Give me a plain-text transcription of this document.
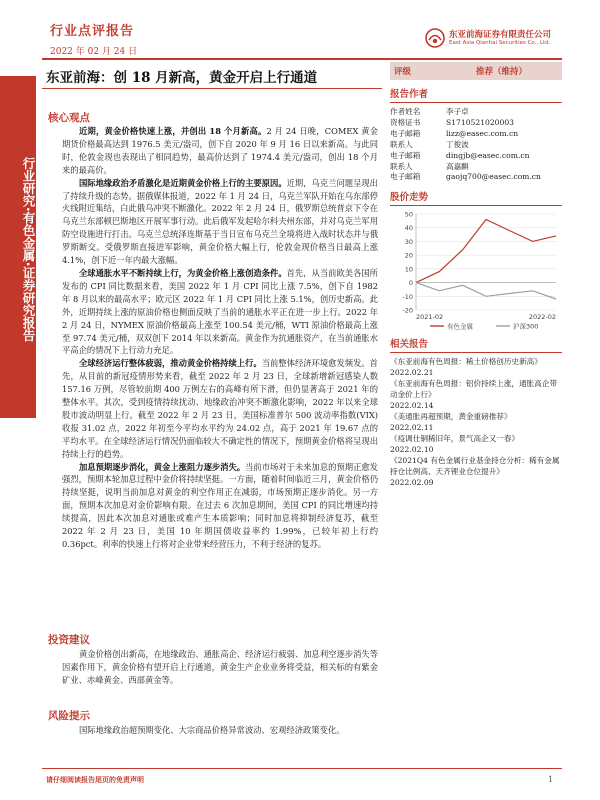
行业点评报告
2022 年 02 月 24 日
东亚前海证券有限责任公司
East Asia Qianhai Securities Co., Ltd.
行业研究·有色金属·证券研究报告
东亚前海：创 18 月新高，黄金开启上行通道
核心观点

近期，黄金价格快速上涨，并创出 18 个月新高。2 月 24 日晚，COMEX 黄金期货价格最高达到 1976.5 美元/盎司，创下自 2020 年 9 月 16 日以来新高。与此同时，伦敦金现也表现出了相同趋势，最高价达到了 1974.4 美元/盎司，创出 18 个月来的最高价。

国际地缘政治矛盾激化是近期黄金价格上行的主要原因。近期，乌克兰问题呈现出了持续升级的态势。据俄媒体报道，2022 年 1 月 24 日，乌克兰军队开始在乌东部停火线附近集结，白此俄乌冲突不断激化。2022 年 2 月 24 日，俄罗斯总统普京下令在乌克兰东部顿巴斯地区开展军事行动。此后俄军发起哈尔科夫州东部，并对乌克兰军用防空设施进行打击。乌克兰总统泽连斯基于当日宣布乌克兰全境将进入战时状态并与俄罗斯断交。受俄罗斯直接进军影响，黄金价格大幅上行，伦敦金现价格当日最高上涨 4.1%，创下近一年内最大涨幅。

全球通胀水平不断持续上行，为黄金价格上涨创造条件。首先，从当前欧美各国所发布的 CPI 同比数据来看，美国 2022 年 1 月 CPI 同比上涨 7.5%，创下自 1982 年 8 月以来的最高水平；欧元区 2022 年 1 月 CPI 同比上涨 5.1%，创历史新高。此外，近期持续上涨的原油价格也侧面反映了当前的通胀水平正在进一步上行。2022 年 2 月 24 日，NYMEX 原油价格最高上涨至 100.54 美元/桶，WTI 原油价格最高上涨至 97.74 美元/桶，双双创下 2014 年以来新高。黄金作为抗通胀资产，在当前通胀水平高企的情况下上行动力充足。

全球经济运行整体疲弱，推动黄金价格持续上行。当前整体经济环境愈发频发。首先，从目前的新冠疫情形势来看，截至 2022 年 2 月 23 日，全球新增新冠感染人数 157.16 万例，尽管较前期 400 万例左右的高峰有所下滑，但仍显著高于 2021 年的整体水平。其次，受到疫情持续扰动、地缘政治冲突不断激化影响，2022 年以来全球股市波动明显上行。截至 2022 年 2 月 23 日，美国标准普尔 500 波动率指数(VIX)收报 31.02 点，2022 年初至今平均水平约为 24.02 点，高于 2021 年 19.67 点的平均水平。在全球经济运行情况仍面临较大不确定性的情况下，预期黄金价格将呈现出持续上行的趋势。

加息预期逐步消化，黄金上涨阻力逐步消失。当前市场对于未来加息的预期正愈发强烈，预期本轮加息过程中金价将持续坚挺。一方面，随着时间临近三月，黄金价格仍持续坚挺，说明当前加息对黄金的利空作用正在减弱，市场预期正逐步消化。另一方面，预期本次加息对金价影响有限。在过去 6 次加息期间，美国 CPI 的同比增速均持续提高，因此本次加息对通胀或难产生本质影响；同时加息将抑制经济复苏，截至 2022 年 2 月 23 日，美国 10 年期国债收益率约 1.99%，已较年初上行约 0.36pct。利率的快速上行将对企业带来经营压力，不利于经济的复苏。

投资建议

黄金价格创出新高，在地缘政治、通胀高企、经济运行疲弱、加息利空逐步消失等因素作用下，黄金价格有望开启上行通道，黄金生产企业业务将受益，相关标的有紫金矿业、赤峰黄金、西部黄金等。

风险提示

国际地缘政治超预期变化、大宗商品价格异常波动、宏观经济政策变化。

评级	推荐（维持）
报告作者
作者姓名	李子卓
资格证书	S1710521020003
电子邮箱	lizz@easec.com.cn
联系人	丁俊波
电子邮箱	dingjb@easec.com.cn
联系人	高嘉麒
电子邮箱	gaojq700@easec.com.cn
股价走势
-20
-10
0
10
20
30
40
50
2021-02	2022-02
有色金属	沪深300
相关报告
《东亚前海有色周报：稀土价格创历史新高》
2022.02.21
《东亚前海有色周报：铝价持续上涨，通胀高企带动金价上行》
2022.02.14
《美通胀再超预期，黄金重磅推荐》
2022.02.11
《疫调仕铜稀旧年，景气高企又一春》
2022.02.10
《2021Q4 有色金属行业基金持仓分析：稀有金属持仓比例高、天齐锂业仓位提升》
2022.02.09
请仔细阅读报告尾页的免责声明	1
